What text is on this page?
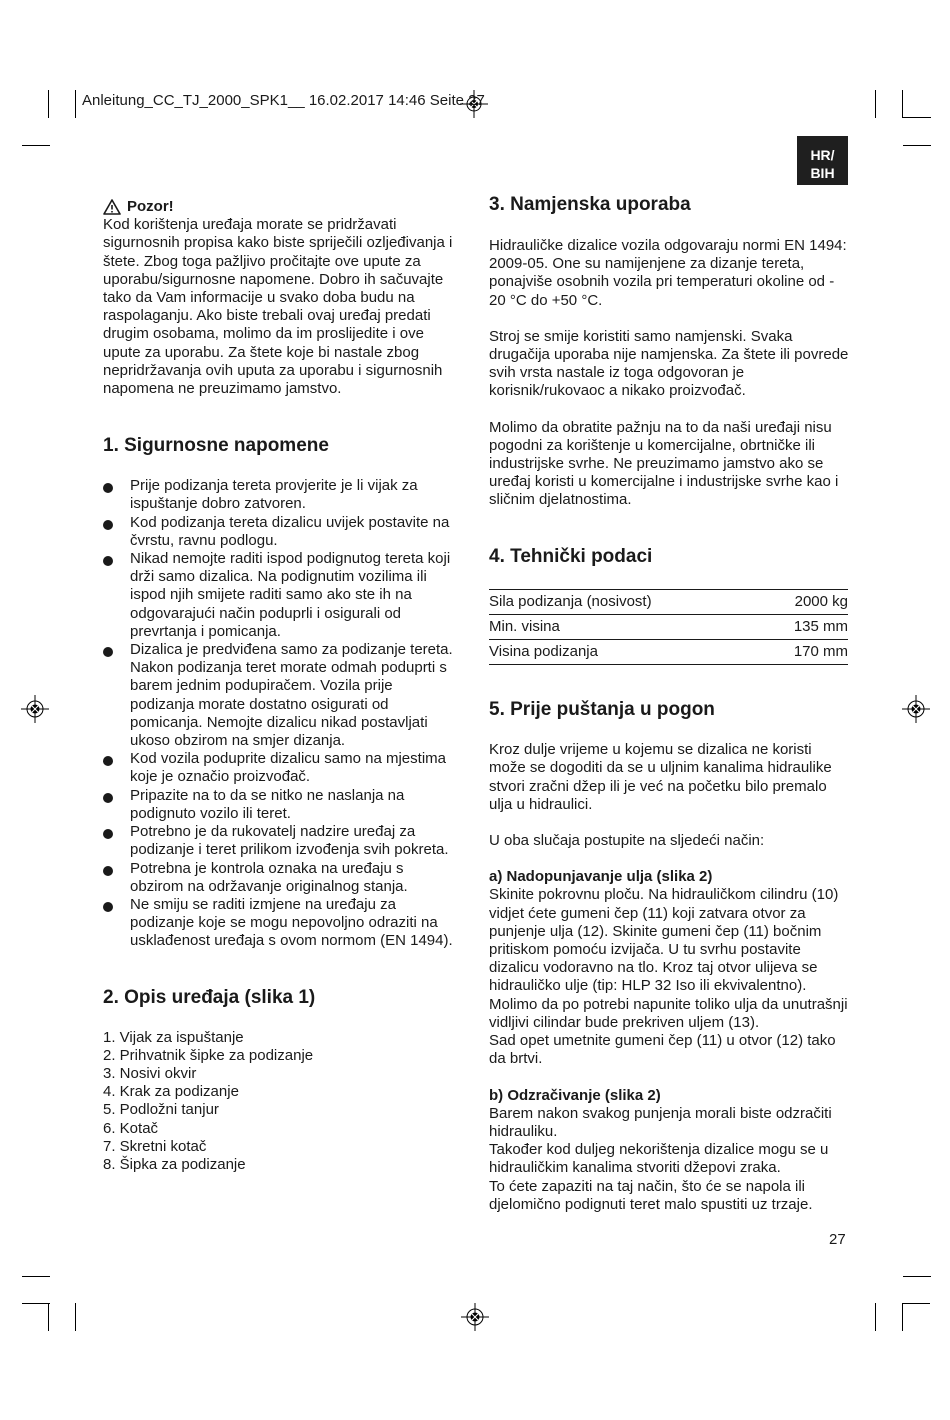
Anleitung_CC_TJ_2000_SPK1__ 16.02.2017 14:46 Seite 27
HR/
BIH
Pozor!

Kod korištenja uređaja morate se pridržavati sigurnosnih propisa kako biste spriječili ozljeđivanja i štete. Zbog toga pažljivo pročitajte ove upute za uporabu/sigurnosne napomene. Dobro ih sačuvajte tako da Vam informacije u svako doba budu na raspolaganju. Ako biste trebali ovaj uređaj predati drugim osobama, molimo da im proslijedite i ove upute za uporabu. Za štete koje bi nastale zbog nepridržavanja ovih uputa za uporabu i sigurnosnih napomena ne preuzimamo jamstvo.

1. Sigurnosne napomene
Prije podizanja tereta provjerite je li vijak za ispuštanje dobro zatvoren.
Kod podizanja tereta dizalicu uvijek postavite na čvrstu, ravnu podlogu.
Nikad nemojte raditi ispod podignutog tereta koji drži samo dizalica. Na podignutim vozilima ili ispod njih smijete raditi samo ako ste ih na odgovarajući način poduprli i osigurali od prevrtanja i pomicanja.
Dizalica je predviđena samo za podizanje tereta. Nakon podizanja teret morate odmah poduprti s barem jednim podupiračem. Vozila prije podizanja morate dostatno osigurati od pomicanja. Nemojte dizalicu nikad postavljati ukoso obzirom na smjer dizanja.
Kod vozila poduprite dizalicu samo na mjestima koje je označio proizvođač.
Pripazite na to da se nitko ne naslanja na podignuto vozilo ili teret.
Potrebno je da rukovatelj nadzire uređaj za podizanje i teret prilikom izvođenja svih pokreta.
Potrebna je kontrola oznaka na uređaju s obzirom na održavanje originalnog stanja.
Ne smiju se raditi izmjene na uređaju za podizanje koje se mogu nepovoljno odraziti na usklađenost uređaja s ovom normom (EN 1494).
2. Opis uređaja (slika 1)
1. Vijak za ispuštanje
2. Prihvatnik šipke za podizanje
3. Nosivi okvir
4. Krak za podizanje
5. Podložni tanjur
6. Kotač
7. Skretni kotač
8. Šipka za podizanje
3. Namjenska uporaba

Hidrauličke dizalice vozila odgovaraju normi EN 1494: 2009-05. One su namijenjene za dizanje tereta, ponajviše osobnih vozila pri temperaturi okoline od - 20 °C do +50 °C.

Stroj se smije koristiti samo namjenski. Svaka drugačija uporaba nije namjenska. Za štete ili povrede svih vrsta nastale iz toga odgovoran je korisnik/rukovaoc a nikako proizvođač.

Molimo da obratite pažnju na to da naši uređaji nisu pogodni za korištenje u komercijalne, obrtničke ili industrijske svrhe. Ne preuzimamo jamstvo ako se uređaj koristi u komercijalne i industrijske svrhe kao i sličnim djelatnostima.

4. Tehnički podaci
Sila podizanja (nosivost)	2000 kg
Min. visina	135 mm
Visina podizanja	170 mm
5. Prije puštanja u pogon

Kroz dulje vrijeme u kojemu se dizalica ne koristi može se dogoditi da se u uljnim kanalima hidraulike stvori zračni džep ili je već na početku bilo premalo ulja u hidraulici.

U oba slučaja postupite na sljedeći način:

a) Nadopunjavanje ulja (slika 2)

Skinite pokrovnu ploču. Na hidrauličkom cilindru (10) vidjet ćete gumeni čep (11) koji zatvara otvor za punjenje ulja (12). Skinite gumeni čep (11) bočnim pritiskom pomoću izvijača. U tu svrhu postavite dizalicu vodoravno na tlo. Kroz taj otvor ulijeva se hidrauličko ulje (tip: HLP 32 Iso ili ekvivalentno). Molimo da po potrebi napunite toliko ulja da unutrašnji vidljivi cilindar bude prekriven uljem (13).

Sad opet umetnite gumeni čep (11) u otvor (12) tako da brtvi.

b) Odzračivanje (slika 2)

Barem nakon svakog punjenja morali biste odzračiti hidrauliku.

Također kod duljeg nekorištenja dizalice mogu se u hidrauličkim kanalima stvoriti džepovi zraka.

To ćete zapaziti na taj način, što će se napola ili djelomično podignuti teret malo spustiti uz trzaje.

27
